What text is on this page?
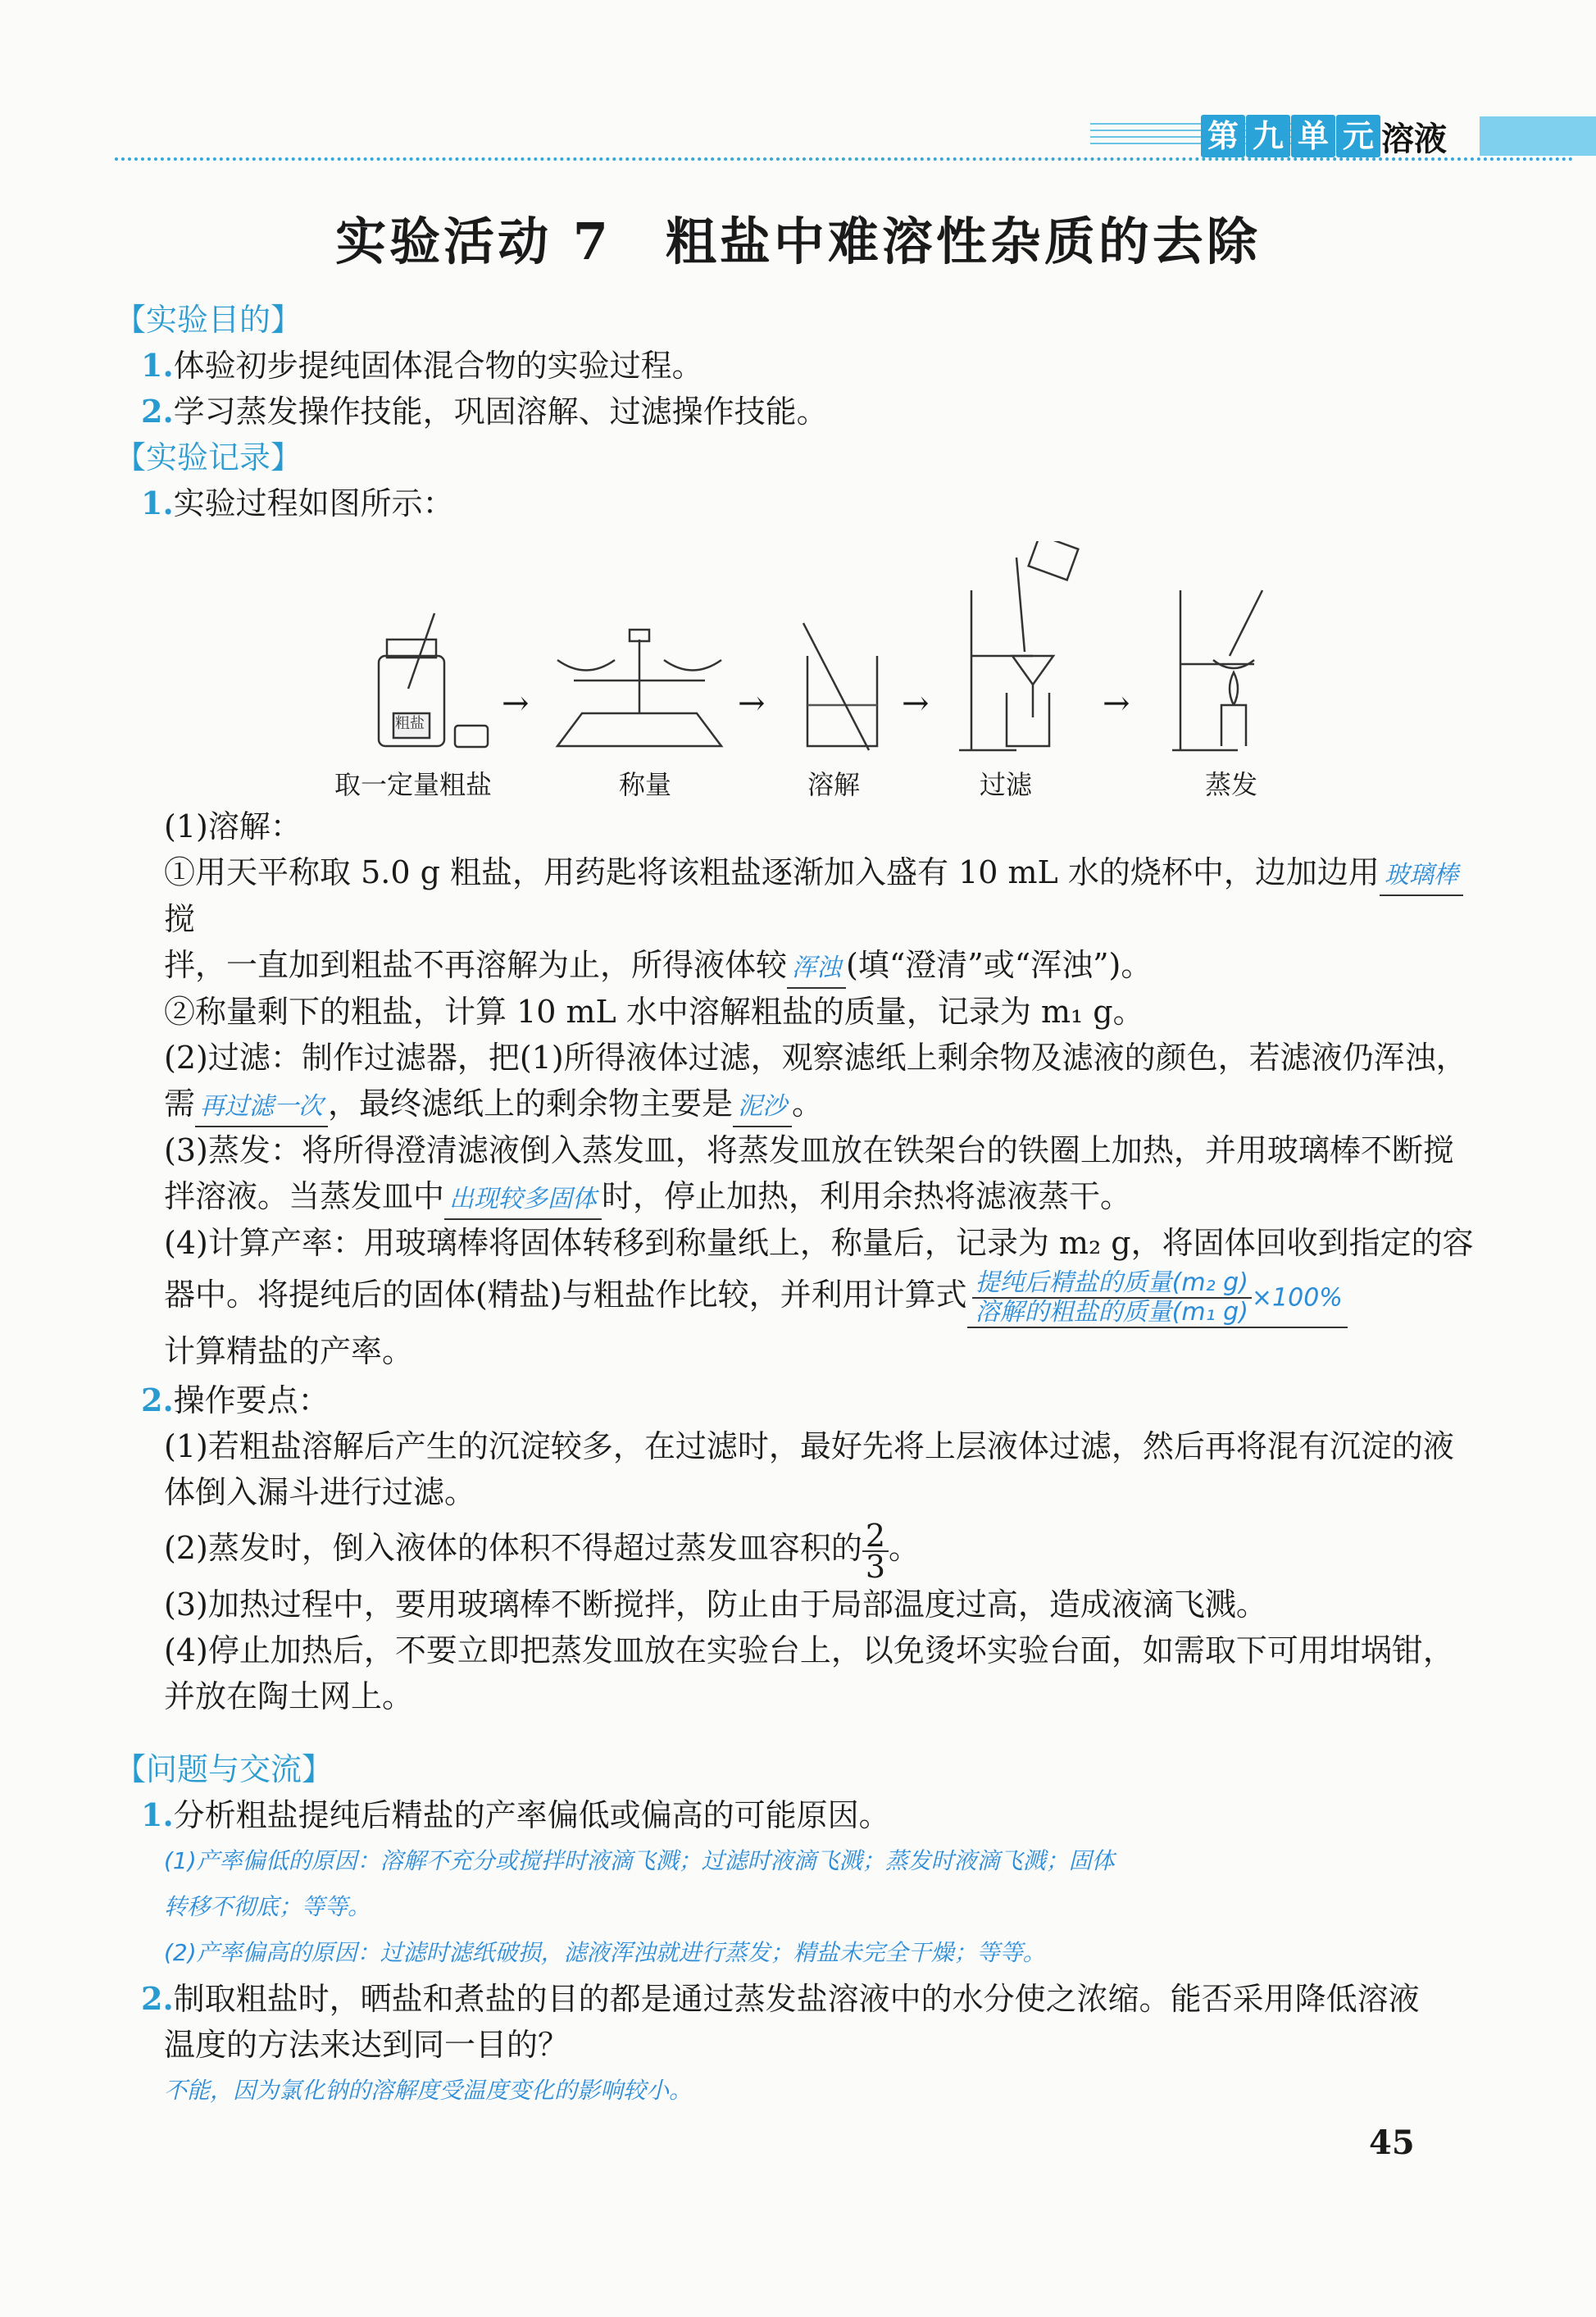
第 九 单 元 溶液
实验活动 7　粗盐中难溶性杂质的去除
【实验目的】
1.体验初步提纯固体混合物的实验过程。
2.学习蒸发操作技能，巩固溶解、过滤操作技能。
【实验记录】
1.实验过程如图所示：
粗盐
→	→	→	→
取一定量粗盐	称量	溶解	过滤	蒸发
(1)溶解：
①用天平称取 5.0 g 粗盐，用药匙将该粗盐逐渐加入盛有 10 mL 水的烧杯中，边加边用 玻璃棒搅
拌，一直加到粗盐不再溶解为止，所得液体较 浑浊 (填“澄清”或“浑浊”)。
②称量剩下的粗盐，计算 10 mL 水中溶解粗盐的质量，记录为 m₁ g。
(2)过滤：制作过滤器，把(1)所得液体过滤，观察滤纸上剩余物及滤液的颜色，若滤液仍浑浊，
需 再过滤一次 ，最终滤纸上的剩余物主要是 泥沙 。
(3)蒸发：将所得澄清滤液倒入蒸发皿，将蒸发皿放在铁架台的铁圈上加热，并用玻璃棒不断搅
拌溶液。当蒸发皿中 出现较多固体 时，停止加热，利用余热将滤液蒸干。
(4)计算产率：用玻璃棒将固体转移到称量纸上，称量后，记录为 m₂ g，将固体回收到指定的容
器中。将提纯后的固体(精盐)与粗盐作比较，并利用计算式 $\frac{\text{提纯后精盐的质量(m₂ g)}}{\text{溶解的粗盐的质量(m₁ g)}} \times 100\%$
计算精盐的产率。
2.操作要点：
(1)若粗盐溶解后产生的沉淀较多，在过滤时，最好先将上层液体过滤，然后再将混有沉淀的液
体倒入漏斗进行过滤。
(2)蒸发时，倒入液体的体积不得超过蒸发皿容积的 $\frac{2}{3}$ 。
(3)加热过程中，要用玻璃棒不断搅拌，防止由于局部温度过高，造成液滴飞溅。
(4)停止加热后，不要立即把蒸发皿放在实验台上，以免烫坏实验台面，如需取下可用坩埚钳，
并放在陶土网上。
【问题与交流】
1.分析粗盐提纯后精盐的产率偏低或偏高的可能原因。
(1)产率偏低的原因：溶解不充分或搅拌时液滴飞溅；过滤时液滴飞溅；蒸发时液滴飞溅；固体
转移不彻底；等等。
(2)产率偏高的原因：过滤时滤纸破损，滤液浑浊就进行蒸发；精盐未完全干燥；等等。
2.制取粗盐时，晒盐和煮盐的目的都是通过蒸发盐溶液中的水分使之浓缩。能否采用降低溶液
温度的方法来达到同一目的？
不能，因为氯化钠的溶解度受温度变化的影响较小。
45
